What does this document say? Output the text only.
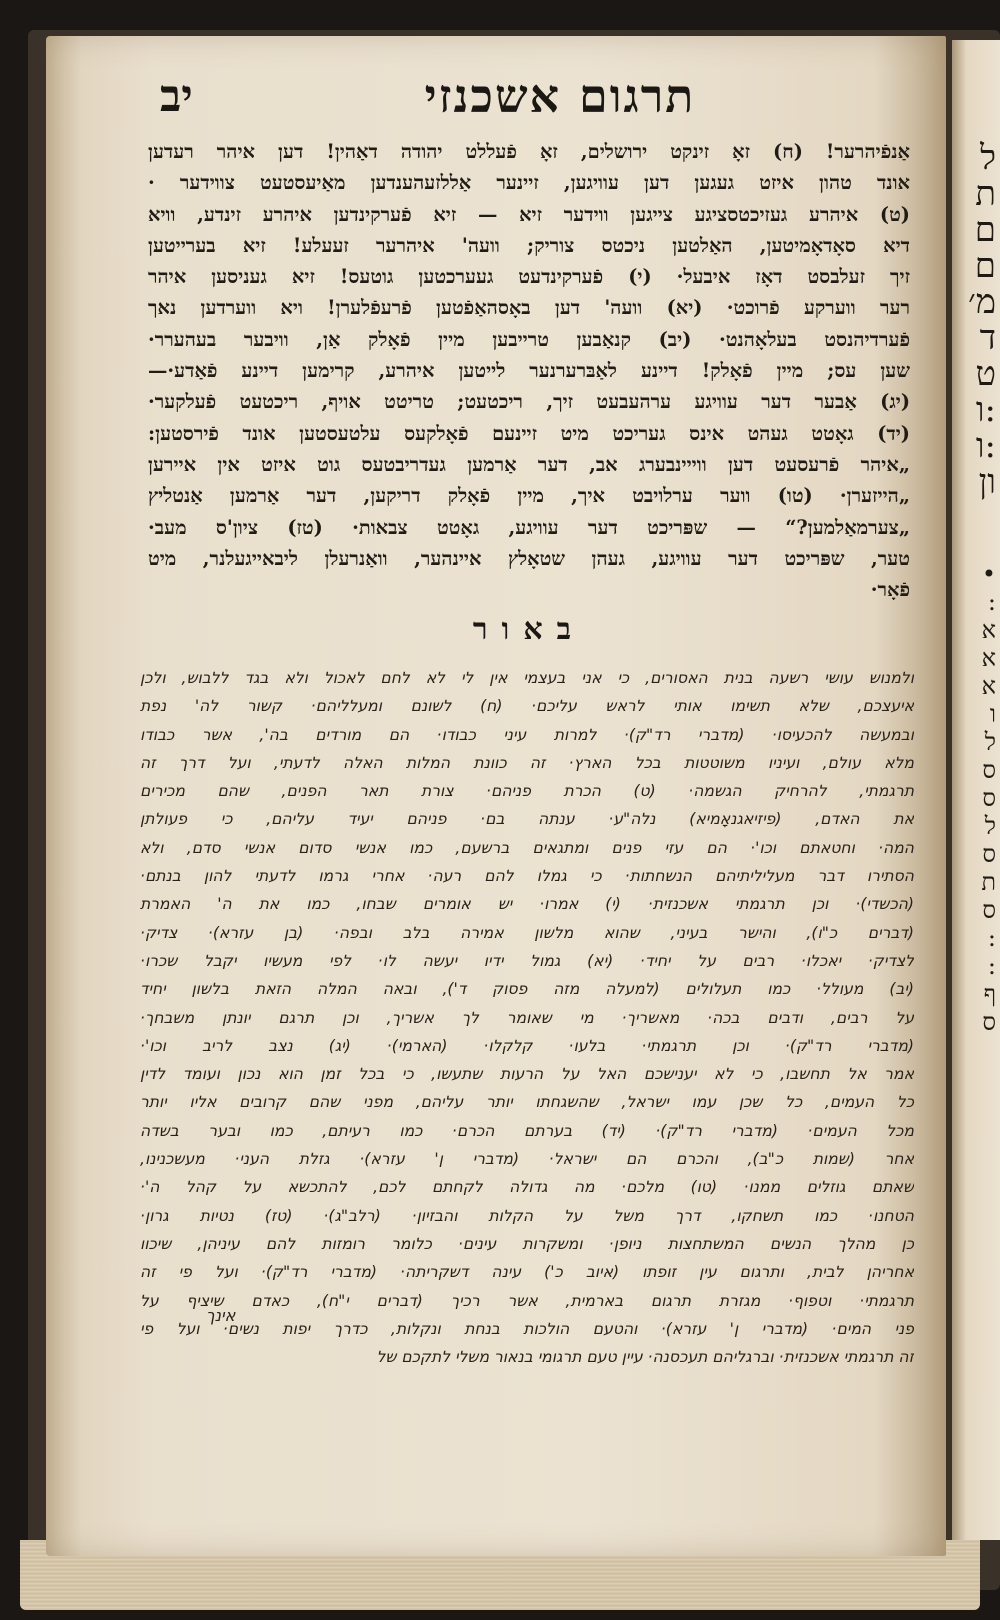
ל
ת
ם
ם
מ׳
ד
ט
ו:
ו:
ון
•
:
א
א
א
ו
ל
ס
ס
ל
ס
ת
ס
:
:
ף
ס
תרגום אשכנזי
יב
אַנפֿיהרער! (ח) זאָ זינקט ירושלים, זאָ פֿעללט יהודה דאַהין! דען איהר רעדען
אונד טהון איזט געגען דען עוויגען, זיינער אַללזעהענדען מאַיעסטעט צווידער ·
(ט) איהרע געזיכטסציגע צייגען ווידער זיא — זיא פֿערקינדען איהרע זינדע, וויא
דיא סאָדאָמיטען, האַלטען ניכטס צוריק; וועה' איהרער זעעלע! זיא בערייטען
זיך זעלבסט דאָז איבעל· (י) פֿערקינדעט געערכטען גוטעס! זיא געניסען איהר
רער ווערקע פֿרוכט· (יא) וועה' דען באָסהאַפֿטען פֿרעפֿלערן! ויא ווערדען נאך
פֿערדיהנסט בעלאָהנט· (יב) קנאַבען טרייבען מיין פֿאָלק אַן, וויבער בעהערר·
שען עס; מיין פֿאָלק! דיינע לאַבּרערנער לייטען איהרע, קרימען דיינע פֿאַדע·—
(יג) אַבער דער עוויגע ערהעבעט זיך, ריכטעט; טריטט אויף, ריכטעט פֿעלקער·
(יד) גאָטט געהט אינס געריכט מיט זיינעם פֿאָלקעס עלטעסטען אונד פֿירסטען:
„איהר פֿרעסעט דען ווייינבערג אב, דער אַרמען געדריבטעס גוט איזט אין איירען
„הייזערן· (טו) ווער ערלויבט איך, מיין פֿאָלק דריקען, דער אַרמען אַנטליץ
„צערמאַלמען?“ — שפּריכט דער עוויגע, גאָטט צבאות· (טז) ציון'ס מעב·
טער, שפּריכט דער עוויגע, געהן שטאָלץ איינהער, וואַנרעלן ליבאייגעלנר, מיט
פֿאָר·
באור
ולמנוש עושי רשעה בנית האסורים, כי אני בעצמי אין לי לא לחם לאכול ולא בגד ללבוש, ולכן
איעצכם, שלא תשימו אותי לראש עליכם· (ח) לשונם ומעלליהם· קשור לה' נפת
ובמעשה להכעיסו· (מדברי רד"ק)· למרות עיני כבודו· הם מורדים בה', אשר כבודו
מלא עולם, ועיניו משוטטות בכל הארץ· זה כוונת המלות האלה לדעתי, ועל דרך זה
תרגמתי, להרחיק הגשמה· (ט) הכרת פניהם· צורת תאר הפנים, שהם מכירים
את האדם, (פיזיאגנאָמיא) נלה"ע· ענתה בם· פניהם יעיד עליהם, כי פעולתן
המה· וחטאתם וכו'· הם עזי פנים ומתגאים ברשעם, כמו אנשי סדום אנשי סדם, ולא
הסתירו דבר מעליליתיהם הנשחתות· כי גמלו להם רעה· אחרי גרמו לדעתי להון בנתם·
(הכשדי)· וכן תרגמתי אשכנזית· (י) אמרו· יש אומרים שבחו, כמו את ה' האמרת
(דברים כ"ו), והישר בעיני, שהוא מלשון אמירה בלב ובפה· (בן עזרא)· צדיק·
לצדיק· יאכלו· רבים על יחיד· (יא) גמול ידיו יעשה לו· לפי מעשיו יקבל שכרו·
(יב) מעולל· כמו תעלולים (למעלה מזה פסוק ד'), ובאה המלה הזאת בלשון יחיד
על רבים, ודבים בכה· מאשריך· מי שאומר לך אשריך, וכן תרגם יונתן משבחך·
(מדברי רד"ק)· וכן תרגמתי· בלעו· קלקלו· (הארמי)· (יג) נצב לריב וכו'·
אמר אל תחשבו, כי לא יענישכם האל על הרעות שתעשו, כי בכל זמן הוא נכון ועומד לדין
כל העמים, כל שכן עמו ישראל, שהשגחתו יותר עליהם, מפני שהם קרובים אליו יותר
מכל העמים· (מדברי רד"ק)· (יד) בערתם הכרם· כמו רעיתם, כמו ובער בשדה
אחר (שמות כ"ב), והכרם הם ישראל· (מדברי ן' עזרא)· גזלת העני· מעשכנינו,
שאתם גוזלים ממנו· (טו) מלכם· מה גדולה לקחתם לכם, להתכשא על קהל ה'·
הטחנו· כמו תשחקו, דרך משל על הקלות והבזיון· (רלב"ג)· (טז) נטיות גרון·
כן מהלך הנשים המשתחצות ניופן· ומשקרות עינים· כלומר רומזות להם עיניהן, שיכוו
אחריהן לבית, ותרגום עין זופתו (איוב כ') עינה דשקריתה· (מדברי רד"ק)· ועל פי זה
תרגמתי· וטפוף· מגזרת תרגום בארמית, אשר רכיך (דברים י"ח), כאדם שיציף על
פני המים· (מדברי ן' עזרא)· והטעם הולכות בנחת ונקלות, כדרך יפות נשים· ועל פי
זה תרגמתי אשכנזית· וברגליהם תעכסנה· עיין טעם תרגומי בנאור משלי לתקכם של
אינך
